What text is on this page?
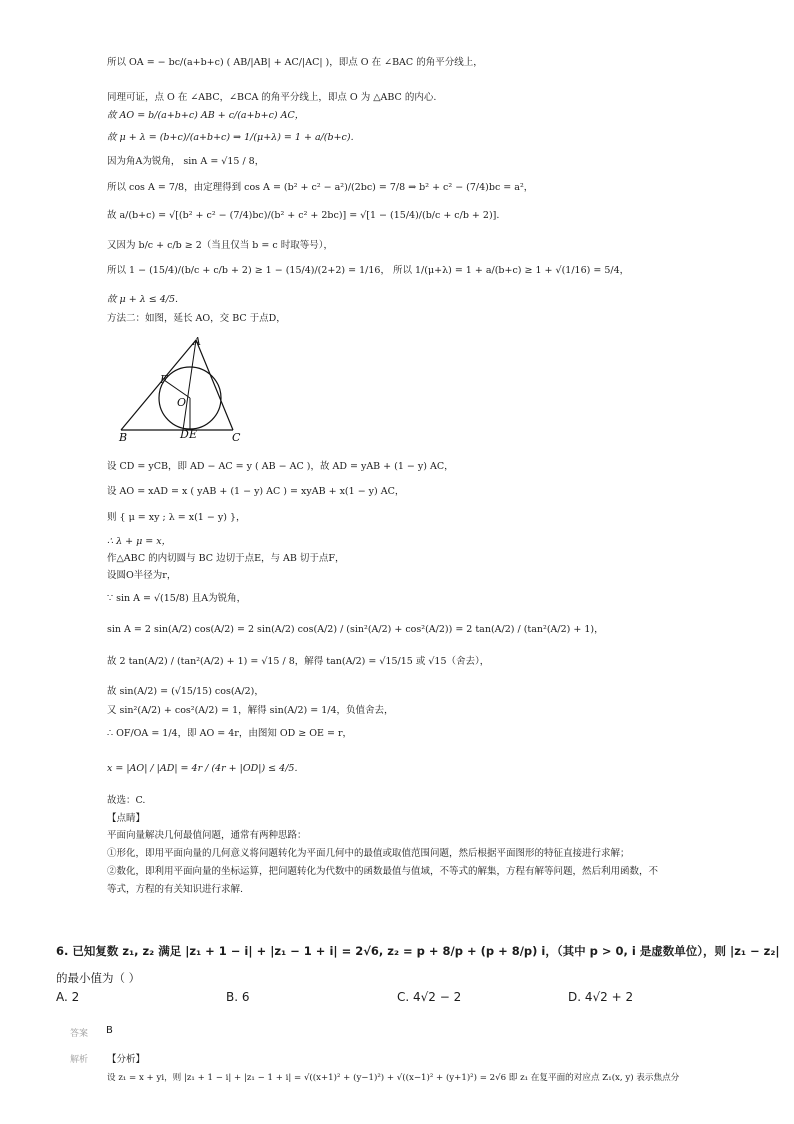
所以 OA = − bc/(a+b+c) ( AB/|AB| + AC/|AC| )，即点 O 在 ∠BAC 的角平分线上，
同理可证，点 O 在 ∠ABC，∠BCA 的角平分线上，即点 O 为 △ABC 的内心.
故 AO = b/(a+b+c) AB + c/(a+b+c) AC，
故 μ + λ = (b+c)/(a+b+c) ⇒ 1/(μ+λ) = 1 + a/(b+c).
因为角A为锐角， sin A = √15 / 8，
所以 cos A = 7/8，由定理得到 cos A = (b² + c² − a²)/(2bc) = 7/8 ⇒ b² + c² − (7/4)bc = a²，
故 a/(b+c) = √[(b² + c² − (7/4)bc)/(b² + c² + 2bc)] = √[1 − (15/4)/(b/c + c/b + 2)].
又因为 b/c + c/b ≥ 2（当且仅当 b = c 时取等号），
所以 1 − (15/4)/(b/c + c/b + 2) ≥ 1 − (15/4)/(2+2) = 1/16， 所以 1/(μ+λ) = 1 + a/(b+c) ≥ 1 + √(1/16) = 5/4，
故 μ + λ ≤ 4/5.
方法二：如图，延长 AO，交 BC 于点D，
设 CD = yCB，即 AD − AC = y ( AB − AC )，故 AD = yAB + (1 − y) AC，
设 AO = xAD = x ( yAB + (1 − y) AC ) = xyAB + x(1 − y) AC，
则 { μ = xy ; λ = x(1 − y) }，
∴ λ + μ = x，
作△ABC 的内切圆与 BC 边切于点E，与 AB 切于点F，
设圆O半径为r，
∵ sin A = √(15/8) 且A为锐角，
sin A = 2 sin(A/2) cos(A/2) = 2 sin(A/2) cos(A/2) / (sin²(A/2) + cos²(A/2)) = 2 tan(A/2) / (tan²(A/2) + 1)，
故 2 tan(A/2) / (tan²(A/2) + 1) = √15 / 8，解得 tan(A/2) = √15/15 或 √15（舍去），
故 sin(A/2) = (√15/15) cos(A/2)，
又 sin²(A/2) + cos²(A/2) = 1，解得 sin(A/2) = 1/4，负值舍去，
∴ OF/OA = 1/4，即 AO = 4r，由图知 OD ≥ OE = r，
x = |AO| / |AD| = 4r / (4r + |OD|) ≤ 4/5.
故选：C.
【点睛】
平面向量解决几何最值问题，通常有两种思路：
①形化，即用平面向量的几何意义将问题转化为平面几何中的最值或取值范围问题，然后根据平面图形的特征直接进行求解；
②数化，即利用平面向量的坐标运算，把问题转化为代数中的函数最值与值域，不等式的解集，方程有解等问题，然后利用函数，不
等式，方程的有关知识进行求解.
A
B	C
D E
F
O
6. 已知复数 z₁, z₂ 满足 |z₁ + 1 − i| + |z₁ − 1 + i| = 2√6, z₂ = p + 8/p + (p + 8/p) i，（其中 p > 0, i 是虚数单位），则 |z₁ − z₂|
的最小值为（ ）
A. 2	B. 6	C. 4√2 − 2	D. 4√2 + 2
答案 B
解析 【分析】
设 z₁ = x + yi，则 |z₁ + 1 − i| + |z₁ − 1 + i| = √((x+1)² + (y−1)²) + √((x−1)² + (y+1)²) = 2√6 即 z₁ 在复平面的对应点 Z₁(x, y) 表示焦点分
